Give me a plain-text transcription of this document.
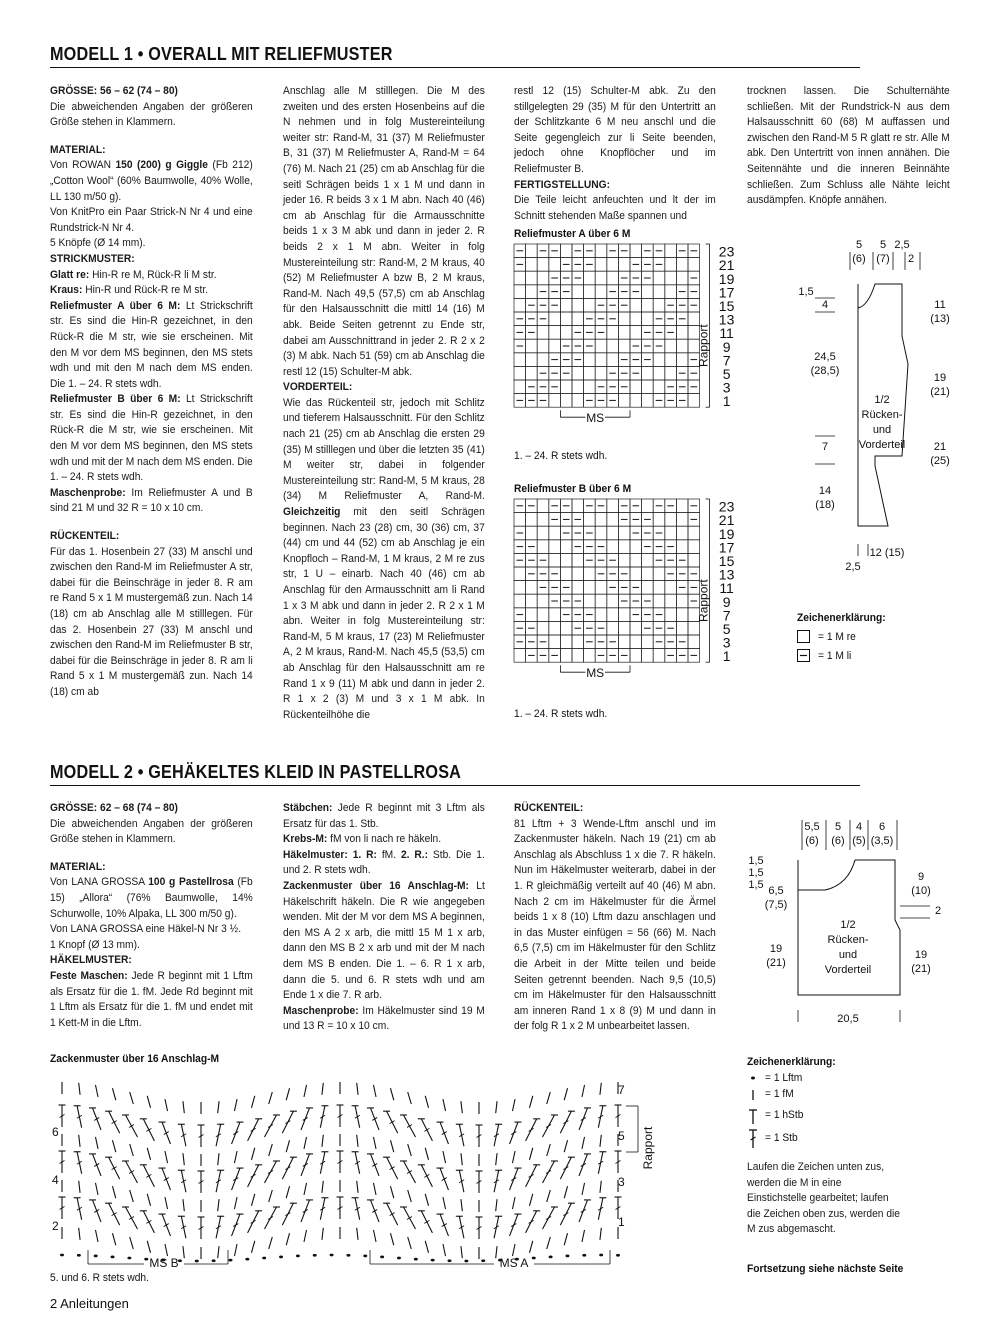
MODELL 1 • OVERALL MIT RELIEFMUSTER

GRÖSSE: 56 – 62 (74 – 80)

Die abweichenden Angaben der größeren Größe stehen in Klammern.

MATERIAL:

Von ROWAN 150 (200) g Giggle (Fb 212) „Cotton Wool“ (60% Baumwolle, 40% Wolle, LL 130 m/50 g).

Von KnitPro ein Paar Strick-N Nr 4 und eine Rundstrick-N Nr 4.

5 Knöpfe (Ø 14 mm).

STRICKMUSTER:

Glatt re: Hin-R re M, Rück-R li M str.

Kraus: Hin-R und Rück-R re M str.

Reliefmuster A über 6 M: Lt Strickschrift str. Es sind die Hin-R gezeichnet, in den Rück-R die M str, wie sie erscheinen. Mit den M vor dem MS beginnen, den MS stets wdh und mit den M nach dem MS enden. Die 1. – 24. R stets wdh.

Reliefmuster B über 6 M: Lt Strickschrift str. Es sind die Hin-R gezeichnet, in den Rück-R die M str, wie sie erscheinen. Mit den M vor dem MS beginnen, den MS stets wdh und mit der M nach dem MS enden. Die 1. – 24. R stets wdh.

Maschenprobe: Im Reliefmuster A und B sind 21 M und 32 R = 10 x 10 cm.

RÜCKENTEIL:

Für das 1. Hosenbein 27 (33) M anschl und zwischen den Rand-M im Reliefmuster A str, dabei für die Beinschräge in jeder 8. R am re Rand 5 x 1 M mustergemäß zun. Nach 14 (18) cm ab Anschlag alle M stilllegen. Für das 2. Hosenbein 27 (33) M anschl und zwischen den Rand-M im Reliefmuster B str, dabei für die Beinschräge in jeder 8. R am li Rand 5 x 1 M mustergemäß zun. Nach 14 (18) cm ab

Anschlag alle M stilllegen. Die M des zweiten und des ersten Hosenbeins auf die N nehmen und in folg Mustereinteilung weiter str: Rand-M, 31 (37) M Reliefmuster B, 31 (37) M Reliefmuster A, Rand-M = 64 (76) M. Nach 21 (25) cm ab Anschlag für die seitl Schrägen beids 1 x 1 M und dann in jeder 16. R beids 3 x 1 M abn. Nach 40 (46) cm ab Anschlag für die Armausschnitte beids 1 x 3 M abk und dann in jeder 2. R beids 2 x 1 M abn. Weiter in folg Mustereinteilung str: Rand-M, 2 M kraus, 40 (52) M Reliefmuster A bzw B, 2 M kraus, Rand-M. Nach 49,5 (57,5) cm ab Anschlag für den Halsausschnitt die mittl 14 (16) M abk. Beide Seiten getrennt zu Ende str, dabei am Ausschnittrand in jeder 2. R 2 x 2 (3) M abk. Nach 51 (59) cm ab Anschlag die restl 12 (15) Schulter-M abk.

VORDERTEIL:

Wie das Rückenteil str, jedoch mit Schlitz und tieferem Halsausschnitt. Für den Schlitz nach 21 (25) cm ab Anschlag die ersten 29 (35) M stilllegen und über die letzten 35 (41) M weiter str, dabei in folgender Mustereinteilung str: Rand-M, 5 M kraus, 28 (34) M Reliefmuster A, Rand-M. Gleichzeitig mit den seitl Schrägen beginnen. Nach 23 (28) cm, 30 (36) cm, 37 (44) cm und 44 (52) cm ab Anschlag je ein Knopfloch – Rand-M, 1 M kraus, 2 M re zus str, 1 U – einarb. Nach 40 (46) cm ab Anschlag für den Armausschnitt am li Rand 1 x 3 M abk und dann in jeder 2. R 2 x 1 M abn. Weiter in folg Mustereinteilung str: Rand-M, 5 M kraus, 17 (23) M Reliefmuster A, 2 M kraus, Rand-M. Nach 45,5 (53,5) cm ab Anschlag für den Halsausschnitt am re Rand 1 x 9 (11) M abk und dann in jeder 2. R 1 x 2 (3) M und 3 x 1 M abk. In Rückenteilhöhe die

restl 12 (15) Schulter-M abk. Zu den stillgelegten 29 (35) M für den Untertritt an der Schlitzkante 6 M neu anschl und die Seite gegengleich zur li Seite beenden, jedoch ohne Knopflöcher und im Reliefmuster B.

FERTIGSTELLUNG:

Die Teile leicht anfeuchten und lt der im Schnitt stehenden Maße spannen und

trocknen lassen. Die Schulternähte schließen. Mit der Rundstrick-N aus dem Halsausschnitt 60 (68) M auffassen und zwischen den Rand-M 5 R glatt re str. Alle M abk. Den Untertritt von innen annähen. Die Seitennähte und die inneren Beinnähte schließen. Zum Schluss alle Nähte leicht ausdämpfen. Knöpfe annähen.

Reliefmuster A über 6 M
23
21
19
17
15
13
11
9
7
5
3
1
Rapport
MS
1. – 24. R stets wdh.
Reliefmuster B über 6 M
23
21
19
17
15
13
11
9
7
5
3
1
Rapport
MS
1. – 24. R stets wdh.
5
(6)
5
(7)
2,5
2
1,5
4
24,5
(28,5)
7
14
(18)
11
(13)
19
(21)
21
(25)
1/2
Rücken-
und
Vorderteil
12 (15)
2,5
Zeichenerklärung:
= 1 M re
= 1 M li
MODELL 2 • GEHÄKELTES KLEID IN PASTELLROSA

GRÖSSE: 62 – 68 (74 – 80)

Die abweichenden Angaben der größeren Größe stehen in Klammern.

MATERIAL:

Von LANA GROSSA 100 g Pastellrosa (Fb 15) „Allora“ (76% Baumwolle, 14% Schurwolle, 10% Alpaka, LL 300 m/50 g).

Von LANA GROSSA eine Häkel-N Nr 3 ½.

1 Knopf (Ø 13 mm).

HÄKELMUSTER:

Feste Maschen: Jede R beginnt mit 1 Lftm als Ersatz für die 1. fM. Jede Rd beginnt mit 1 Lftm als Ersatz für die 1. fM und endet mit 1 Kett-M in die Lftm.

Stäbchen: Jede R beginnt mit 3 Lftm als Ersatz für das 1. Stb.

Krebs-M: fM von li nach re häkeln.

Häkelmuster: 1. R: fM. 2. R.: Stb. Die 1. und 2. R stets wdh.

Zackenmuster über 16 Anschlag-M: Lt Häkelschrift häkeln. Die R wie angegeben wenden. Mit der M vor dem MS A beginnen, den MS A 2 x arb, die mittl 15 M 1 x arb, dann den MS B 2 x arb und mit der M nach dem MS B enden. Die 1. – 6. R 1 x arb, dann die 5. und 6. R stets wdh und am Ende 1 x die 7. R arb.

Maschenprobe: Im Häkelmuster sind 19 M und 13 R = 10 x 10 cm.

RÜCKENTEIL:

81 Lftm + 3 Wende-Lftm anschl und im Zackenmuster häkeln. Nach 19 (21) cm ab Anschlag als Abschluss 1 x die 7. R häkeln. Nun im Häkelmuster weiterarb, dabei in der 1. R gleichmäßig verteilt auf 40 (46) M abn. Nach 2 cm im Häkelmuster für die Ärmel beids 1 x 8 (10) Lftm dazu anschlagen und in das Muster einfügen = 56 (66) M. Nach 6,5 (7,5) cm im Häkelmuster für den Schlitz die Arbeit in der Mitte teilen und beide Seiten getrennt beenden. Nach 9,5 (10,5) cm im Häkelmuster für den Halsausschnitt am inneren Rand 1 x 8 (9) M und dann in der folg R 1 x 2 M unbearbeitet lassen.

5,5
(6)
5
(6)
4
(5)
6
(3,5)
1,5
1,5
1,5 6,5
(7,5)
19
(21)
9
(10)
2
19
(21)
1/2
Rücken-
und
Vorderteil
20,5
Zackenmuster über 16 Anschlag-M
6
4
2
7
5
3
1
Rapport
MS B	MS A
5. und 6. R stets wdh.
Zeichenerklärung:
= 1 Lftm
= 1 fM
= 1 hStb
= 1 Stb
Laufen die Zeichen unten zus, werden die M in eine Einstichstelle gearbeitet; laufen die Zeichen oben zus, werden die M zus abgemascht.
Fortsetzung siehe nächste Seite
2 Anleitungen
